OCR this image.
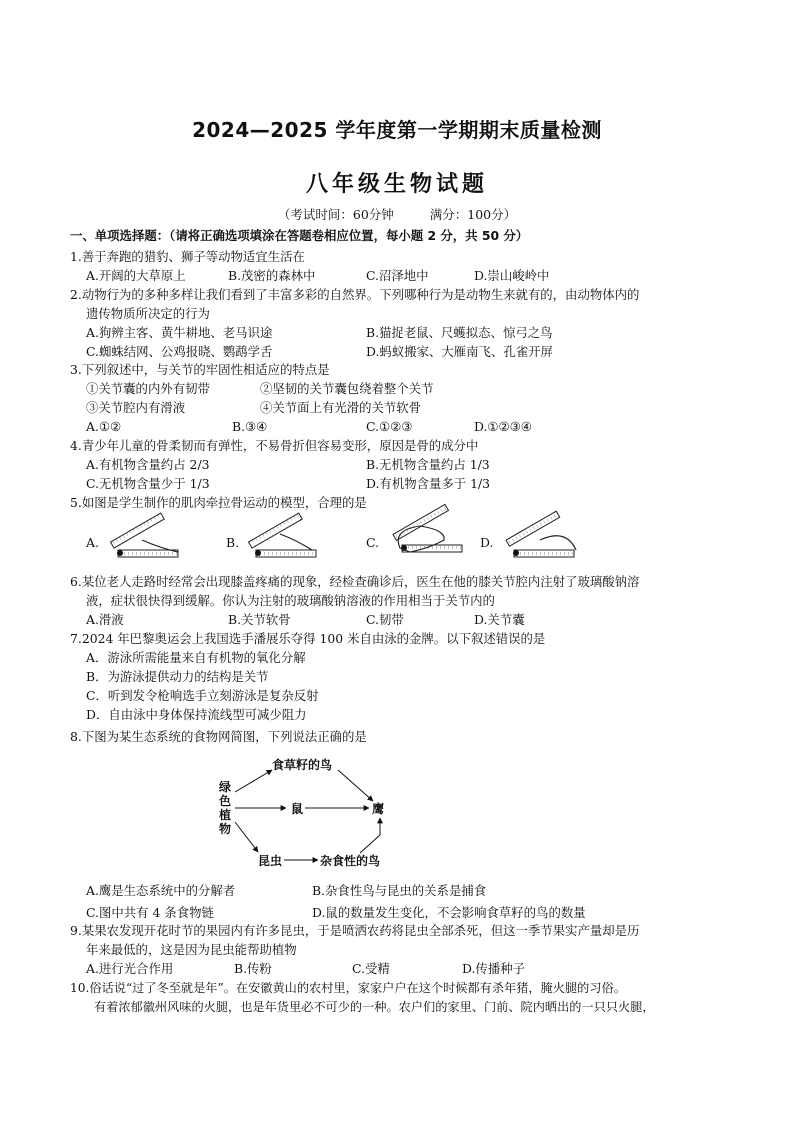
2024—2025 学年度第一学期期末质量检测
八年级生物试题
（考试时间：60分钟	满分：100分）
一、单项选择题：（请将正确选项填涂在答题卷相应位置，每小题 2 分，共 50 分）
1.善于奔跑的猎豹、狮子等动物适宜生活在
A.开阔的大草原上	B.茂密的森林中	C.沼泽地中	D.崇山峻岭中
2.动物行为的多种多样让我们看到了丰富多彩的自然界。下列哪种行为是动物生来就有的，由动物体内的
遗传物质所决定的行为
A.狗辨主客、黄牛耕地、老马识途	B.猫捉老鼠、尺蠖拟态、惊弓之鸟
C.蜘蛛结网、公鸡报晓、鹦鹉学舌	D.蚂蚁搬家、大雁南飞、孔雀开屏
3.下列叙述中，与关节的牢固性相适应的特点是
①关节囊的内外有韧带	②坚韧的关节囊包绕着整个关节
③关节腔内有滑液	④关节面上有光滑的关节软骨
A.①②	B.③④	C.①②③	D.①②③④
4.青少年儿童的骨柔韧而有弹性，不易骨折但容易变形，原因是骨的成分中
A.有机物含量约占 2/3	B.无机物含量约占 1/3
C.无机物含量少于 1/3	D.有机物含量多于 1/3
5.如图是学生制作的肌肉牵拉骨运动的模型，合理的是
A.	B.	C.	D.
6.某位老人走路时经常会出现膝盖疼痛的现象，经检查确诊后，医生在他的膝关节腔内注射了玻璃酸钠溶
液，症状很快得到缓解。你认为注射的玻璃酸钠溶液的作用相当于关节内的
A.滑液	B.关节软骨	C.韧带	D.关节囊
7.2024 年巴黎奥运会上我国选手潘展乐夺得 100 米自由泳的金牌。以下叙述错误的是
A．游泳所需能量来自有机物的氧化分解
B．为游泳提供动力的结构是关节
C．听到发令枪响选手立刻游泳是复杂反射
D．自由泳中身体保持流线型可减少阻力
8.下图为某生态系统的食物网简图，下列说法正确的是
绿
色
植
物
食草籽的鸟
鼠	鹰
昆虫	杂食性的鸟
A.鹰是生态系统中的分解者	B.杂食性鸟与昆虫的关系是捕食
C.图中共有 4 条食物链	D.鼠的数量发生变化，不会影响食草籽的鸟的数量
9.某果农发现开花时节的果园内有许多昆虫，于是喷洒农药将昆虫全部杀死，但这一季节果实产量却是历
年来最低的，这是因为昆虫能帮助植物
A.进行光合作用	B.传粉	C.受精	D.传播种子
10.俗话说“过了冬至就是年”。在安徽黄山的农村里，家家户户在这个时候都有杀年猪，腌火腿的习俗。
有着浓郁徽州风味的火腿，也是年货里必不可少的一种。农户们的家里、门前、院内晒出的一只只火腿，
